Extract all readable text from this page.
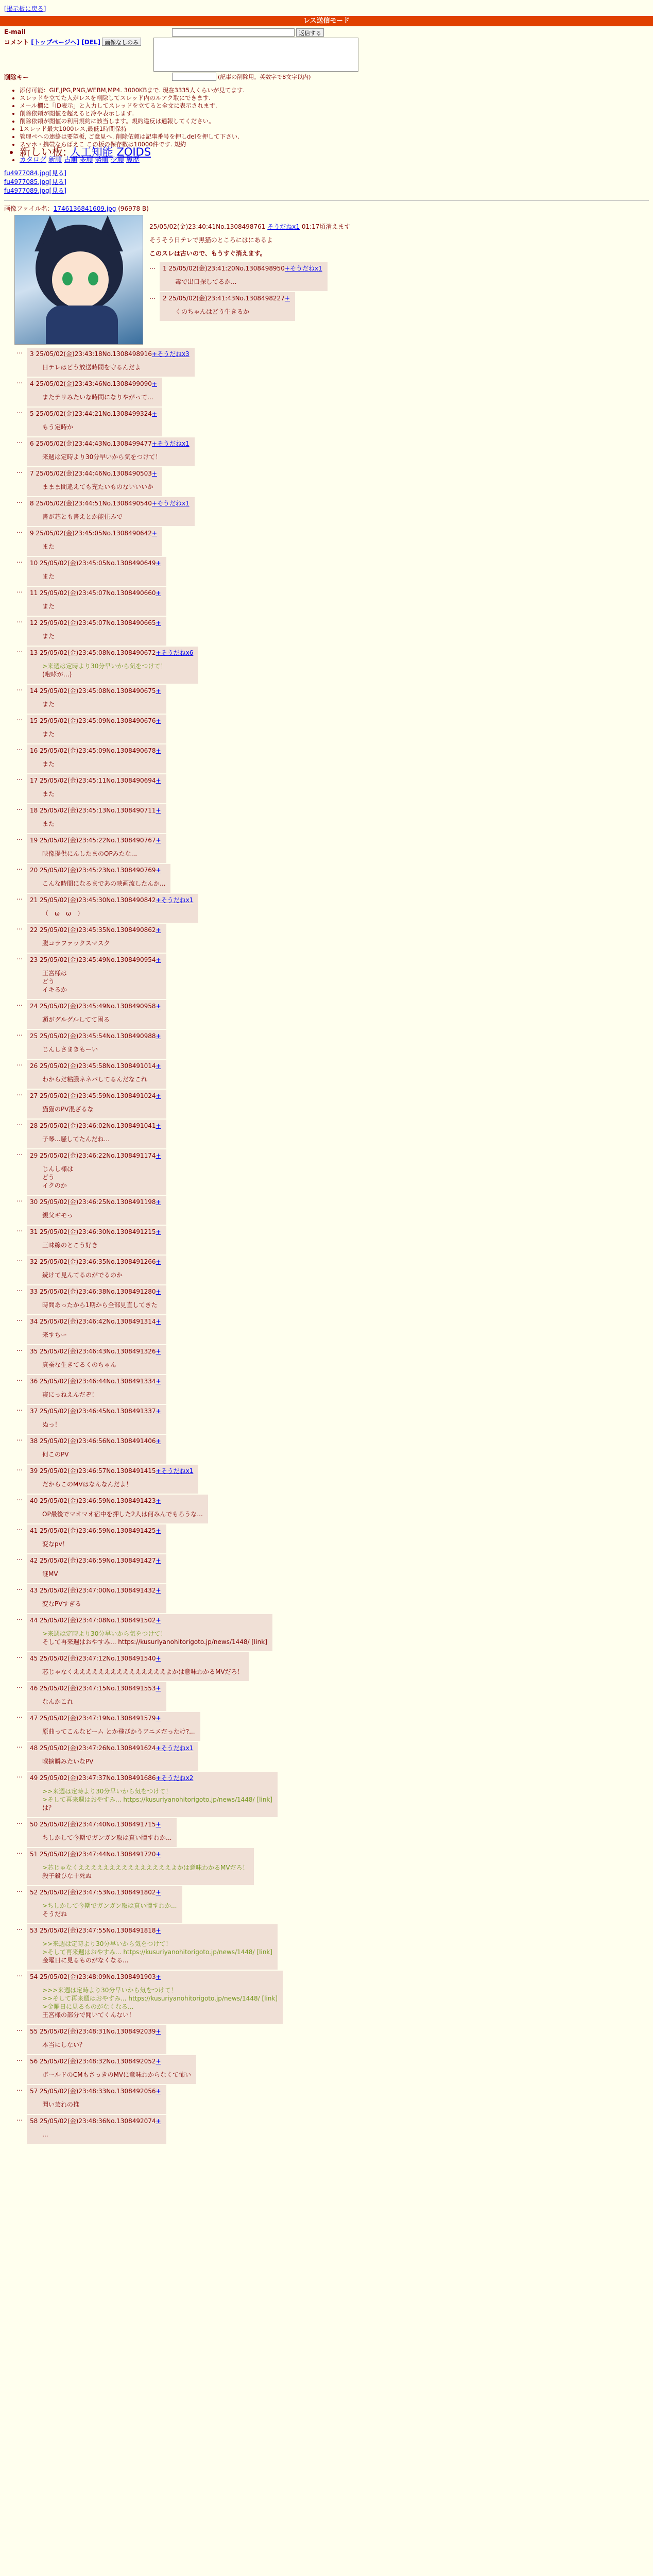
[掲示板に戻る]
レス送信モード
E-mail	返信する
コメント [トップページへ] [DEL] 画像なしのみ
削除キー	(記事の削除用。英数字で8文字以内)
• 添付可能：GIF,JPG,PNG,WEBM,MP4. 3000KBまで. 現在3335人くらいが見てます.
• スレッドを立てた人がレスを削除してスレッド内のルアク取にできます.
• メール欄に「ID表示」と入力してスレッドを立てると全文に表示されます.
• 削除依頼が閲値を超えると冷や表示します.
• 削除依頼が閲値の利用規約に該当します。規約違反は通報してください。
• 1スレッド最大1000レス,最低1時間保持
• 管理ペへの連絡は要望板, ご意見へ. 削除依頼は記事番号を押しdelを押して下さい.
• スマホ・携帯ならばえこ この板の保存数は10000件です. 規約
• 新しい板: 人工知能 ZOIDS
• カタログ 新順 古順 多順 勢順 少順 履歴
fu4977084.jpg[見る]
fu4977085.jpg[見る]
fu4977089.jpg[見る]
画像ファイル名：1746136841609.jpg (96978 B)
25/05/02(金)23:40:41No.1308498761 そうだねx1 01:17頃消えます

そうそう日テレで黒猫のところにはにあるよ

このスレは古いので、もうすぐ消えます。

…	1 25/05/02(金)23:41:20No.1308498950+そうだねx1
毒で出口探してるか...
…	2 25/05/02(金)23:41:43No.1308498227+
くのちゃんはどう生きるか
…	3 25/05/02(金)23:43:18No.1308498916+そうだねx3
日テレはどう放送時間を守るんだよ
…	4 25/05/02(金)23:43:46No.1308499090+
またテリみたいな時間になりやがって...
…	5 25/05/02(金)23:44:21No.1308499324+
もう定時か
…	6 25/05/02(金)23:44:43No.1308499477+そうだねx1
来週は定時より30分早いから気をつけて！
…	7 25/05/02(金)23:44:46No.1308490503+
ままま間違えても充たいものないいいか
…	8 25/05/02(金)23:44:51No.1308490540+そうだねx1
書が芯とも書えとか能住みで
…	9 25/05/02(金)23:45:05No.1308490642+
また
…	10 25/05/02(金)23:45:05No.1308490649+
また
…	11 25/05/02(金)23:45:07No.1308490660+
また
…	12 25/05/02(金)23:45:07No.1308490665+
また
…	13 25/05/02(金)23:45:08No.1308490672+そうだねx6
>来週は定時より30分早いから気をつけて！
(咆哮が…)
…	14 25/05/02(金)23:45:08No.1308490675+
また
…	15 25/05/02(金)23:45:09No.1308490676+
また
…	16 25/05/02(金)23:45:09No.1308490678+
また
…	17 25/05/02(金)23:45:11No.1308490694+
また
…	18 25/05/02(金)23:45:13No.1308490711+
また
…	19 25/05/02(金)23:45:22No.1308490767+
映像提供にんしたまのOPみたな...
…	20 25/05/02(金)23:45:23No.1308490769+
こんな時間になるまであの映画流したんか...
…	21 25/05/02(金)23:45:30No.1308490842+そうだねx1
（　ω　ω　）
…	22 25/05/02(金)23:45:35No.1308490862+
腹コラファックスマスク
…	23 25/05/02(金)23:45:49No.1308490954+
王宮様は
どう
イキるか
…	24 25/05/02(金)23:45:49No.1308490958+
頭がグルグルしてて困る
…	25 25/05/02(金)23:45:54No.1308490988+
じんしさまきもーい
…	26 25/05/02(金)23:45:58No.1308491014+
わからだ粘膜ネネバしてるんだなこれ
…	27 25/05/02(金)23:45:59No.1308491024+
猫猫のPV混ざるな
…	28 25/05/02(金)23:46:02No.1308491041+
子琴...騒してたんだね...
…	29 25/05/02(金)23:46:22No.1308491174+
じんし様は
どう
イクのか
…	30 25/05/02(金)23:46:25No.1308491198+
親父ギモっ
…	31 25/05/02(金)23:46:30No.1308491215+
三味線のとこう好き
…	32 25/05/02(金)23:46:35No.1308491266+
続けて見んてるのがでるのか
…	33 25/05/02(金)23:46:38No.1308491280+
時間あったから1期から全部見直してきた
…	34 25/05/02(金)23:46:42No.1308491314+
来すちー
…	35 25/05/02(金)23:46:43No.1308491326+
真蚕な生きてるくのちゃん
…	36 25/05/02(金)23:46:44No.1308491334+
寝にっねえんだぞ！
…	37 25/05/02(金)23:46:45No.1308491337+
ぬっ！
…	38 25/05/02(金)23:46:56No.1308491406+
何このPV
…	39 25/05/02(金)23:46:57No.1308491415+そうだねx1
だからこのMVはなんなんだよ！
…	40 25/05/02(金)23:46:59No.1308491423+
OP最後でマオマオ宿中を押した2人は何みんでもろうな...
…	41 25/05/02(金)23:46:59No.1308491425+
変なpv！
…	42 25/05/02(金)23:46:59No.1308491427+
謎MV
…	43 25/05/02(金)23:47:00No.1308491432+
変なPVすぎる
…	44 25/05/02(金)23:47:08No.1308491502+
>来週は定時より30分早いから気をつけて！
そして再来週はおやすみ... https://kusuriyanohitorigoto.jp/news/1448/ [link]
…	45 25/05/02(金)23:47:12No.1308491540+
芯じゃなくえええええええええええええええよかは意味わかるMVだろ！
…	46 25/05/02(金)23:47:15No.1308491553+
なんかこれ
…	47 25/05/02(金)23:47:19No.1308491579+
原曲ってこんなビーム とか飛びかうアニメだったけ?...
…	48 25/05/02(金)23:47:26No.1308491624+そうだねx1
喉摘瞬みたいなPV
…	49 25/05/02(金)23:47:37No.1308491686+そうだねx2
>>来週は定時より30分早いから気をつけて！
>そして再来週はおやすみ... https://kusuriyanohitorigoto.jp/news/1448/ [link]
は？
…	50 25/05/02(金)23:47:40No.1308491715+
ちしかして今期でガンガン取は真い瞳すわか...
…	51 25/05/02(金)23:47:44No.1308491720+
>芯じゃなくえええええええええええええええよかは意味わかるMVだろ！
殺子殺ひな十死ぬ
…	52 25/05/02(金)23:47:53No.1308491802+
>ちしかして今期でガンガン取は真い瞳すわか...
そうだね
…	53 25/05/02(金)23:47:55No.1308491818+
>>来週は定時より30分早いから気をつけて！
>そして再来週はおやすみ... https://kusuriyanohitorigoto.jp/news/1448/ [link]
金曜日に見るものがなくなる...
…	54 25/05/02(金)23:48:09No.1308491903+
>>>来週は定時より30分早いから気をつけて！
>>そして再来週はおやすみ... https://kusuriyanohitorigoto.jp/news/1448/ [link]
>金曜日に見るものがなくなる...
王宮様の部分で聞いてくんない！
…	55 25/05/02(金)23:48:31No.1308492039+
本当にしない？
…	56 25/05/02(金)23:48:32No.1308492052+
ボールドのCMもさっきのMVに意味わからなくて怖い
…	57 25/05/02(金)23:48:33No.1308492056+
聞い芸れの推
…	58 25/05/02(金)23:48:36No.1308492074+
...
